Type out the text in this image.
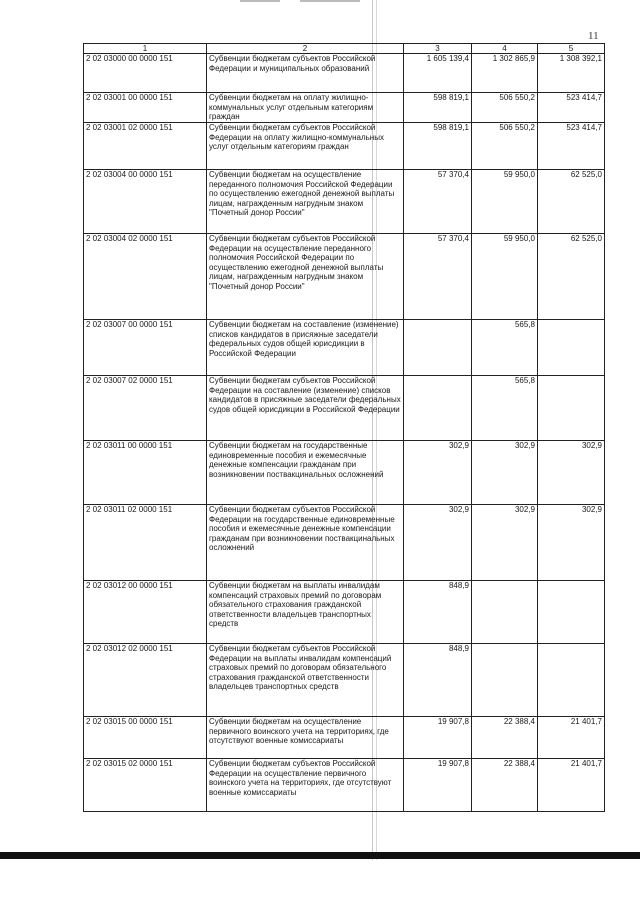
11
1	2	3	4	5
2 02 03000 00 0000 151	Субвенции бюджетам субъектов Российской Федерации и муниципальных образований	1 605 139,4	1 302 865,9	1 308 392,1
2 02 03001 00 0000 151	Субвенции бюджетам на оплату жилищно-коммунальных услуг отдельным категориям граждан	598 819,1	506 550,2	523 414,7
2 02 03001 02 0000 151	Субвенции бюджетам субъектов Российской Федерации на оплату жилищно-коммунальных услуг отдельным категориям граждан	598 819,1	506 550,2	523 414,7
2 02 03004 00 0000 151	Субвенции бюджетам на осуществление переданного полномочия Российской Федерации по осуществлению ежегодной денежной выплаты лицам, награжденным нагрудным знаком "Почетный донор России"	57 370,4	59 950,0	62 525,0
2 02 03004 02 0000 151	Субвенции бюджетам субъектов Российской Федерации на осуществление переданного полномочия Российской Федерации по осуществлению ежегодной денежной выплаты лицам, награжденным нагрудным знаком "Почетный донор России"	57 370,4	59 950,0	62 525,0
2 02 03007 00 0000 151	Субвенции бюджетам на составление (изменение) списков кандидатов в присяжные заседатели федеральных судов общей юрисдикции в Российской Федерации		565,8	
2 02 03007 02 0000 151	Субвенции бюджетам субъектов Российской Федерации на составление (изменение) списков кандидатов в присяжные заседатели федеральных судов общей юрисдикции в Российской Федерации		565,8	
2 02 03011 00 0000 151	Субвенции бюджетам на государственные единовременные пособия и ежемесячные денежные компенсации гражданам при возникновении поствакцинальных осложнений	302,9	302,9	302,9
2 02 03011 02 0000 151	Субвенции бюджетам субъектов Российской Федерации на государственные единовременные пособия и ежемесячные денежные компенсации гражданам при возникновении поствакцинальных осложнений	302,9	302,9	302,9
2 02 03012 00 0000 151	Субвенции бюджетам на выплаты инвалидам компенсаций страховых премий по договорам обязательного страхования гражданской ответственности владельцев транспортных средств	848,9		
2 02 03012 02 0000 151	Субвенции бюджетам субъектов Российской Федерации на выплаты инвалидам компенсаций страховых премий по договорам обязательного страхования гражданской ответственности владельцев транспортных средств	848,9		
2 02 03015 00 0000 151	Субвенции бюджетам на осуществление первичного воинского учета на территориях, где отсутствуют военные комиссариаты	19 907,8	22 388,4	21 401,7
2 02 03015 02 0000 151	Субвенции бюджетам субъектов Российской Федерации на осуществление первичного воинского учета на территориях, где отсутствуют военные комиссариаты	19 907,8	22 388,4	21 401,7
